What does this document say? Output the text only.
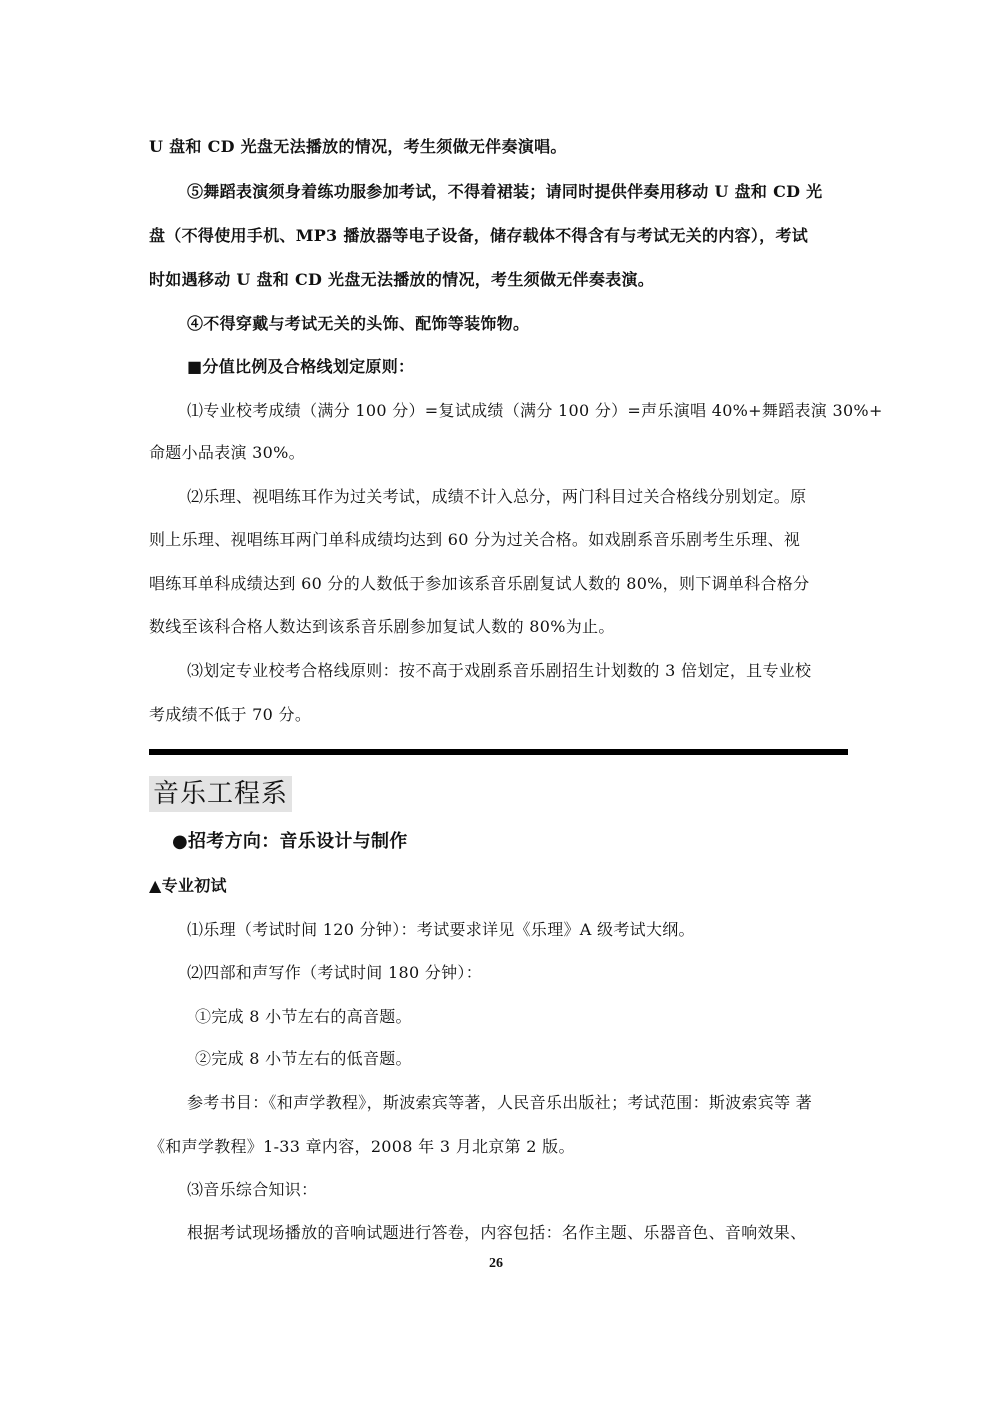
U 盘和 CD 光盘无法播放的情况，考生须做无伴奏演唱。
⑤舞蹈表演须身着练功服参加考试，不得着裙装；请同时提供伴奏用移动 U 盘和 CD 光
盘（不得使用手机、MP3 播放器等电子设备，储存载体不得含有与考试无关的内容），考试
时如遇移动 U 盘和 CD 光盘无法播放的情况，考生须做无伴奏表演。
④不得穿戴与考试无关的头饰、配饰等装饰物。
■分值比例及合格线划定原则：
⑴专业校考成绩（满分 100 分）=复试成绩（满分 100 分）=声乐演唱 40%+舞蹈表演 30%+
命题小品表演 30%。
⑵乐理、视唱练耳作为过关考试，成绩不计入总分，两门科目过关合格线分别划定。原
则上乐理、视唱练耳两门单科成绩均达到 60 分为过关合格。如戏剧系音乐剧考生乐理、视
唱练耳单科成绩达到 60 分的人数低于参加该系音乐剧复试人数的 80%，则下调单科合格分
数线至该科合格人数达到该系音乐剧参加复试人数的 80%为止。
⑶划定专业校考合格线原则：按不高于戏剧系音乐剧招生计划数的 3 倍划定，且专业校
考成绩不低于 70 分。
音乐工程系
●招考方向：音乐设计与制作
▲专业初试
⑴乐理（考试时间 120 分钟）：考试要求详见《乐理》A 级考试大纲。
⑵四部和声写作（考试时间 180 分钟）：
①完成 8 小节左右的高音题。
②完成 8 小节左右的低音题。
参考书目：《和声学教程》，斯波索宾等著，人民音乐出版社；考试范围：斯波索宾等 著
《和声学教程》1-33 章内容，2008 年 3 月北京第 2 版。
⑶音乐综合知识：
根据考试现场播放的音响试题进行答卷，内容包括：名作主题、乐器音色、音响效果、
26
